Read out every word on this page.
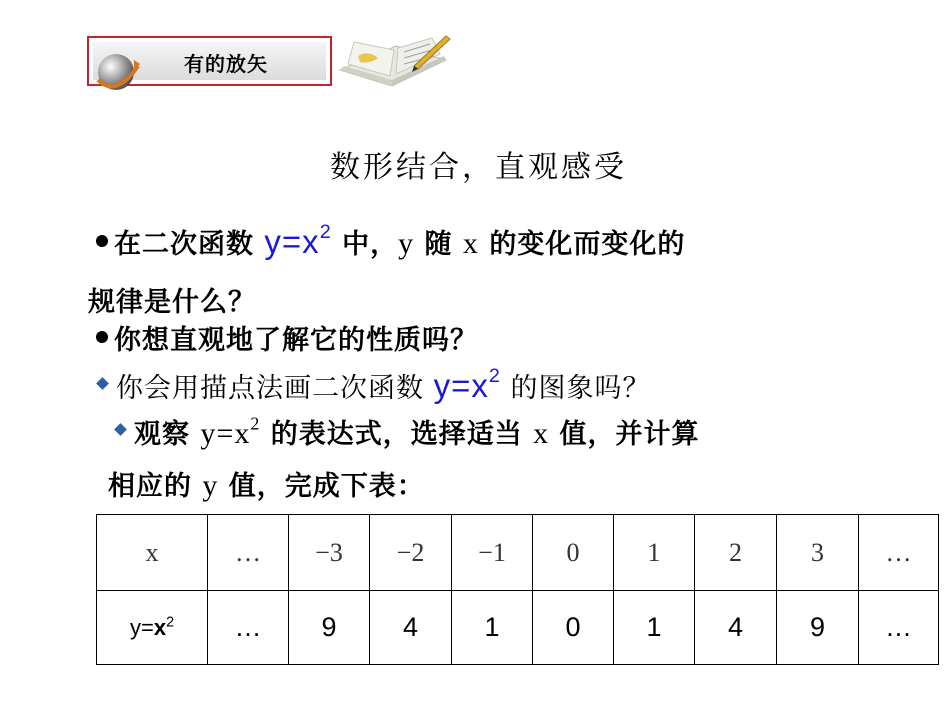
有的放矢
数形结合，直观感受
在二次函数 $y=x^2$ 中，y 随 x 的变化而变化的
规律是什么？
你想直观地了解它的性质吗？
你会用描点法画二次函数 $y=x^2$ 的图象吗？
观察 $y=x^2$ 的表达式，选择适当 x 值，并计算
相应的 y 值，完成下表：
x	…	−3	−2	−1	0	1	2	3	…
$y=x^2$	…	9	4	1	0	1	4	9	…
